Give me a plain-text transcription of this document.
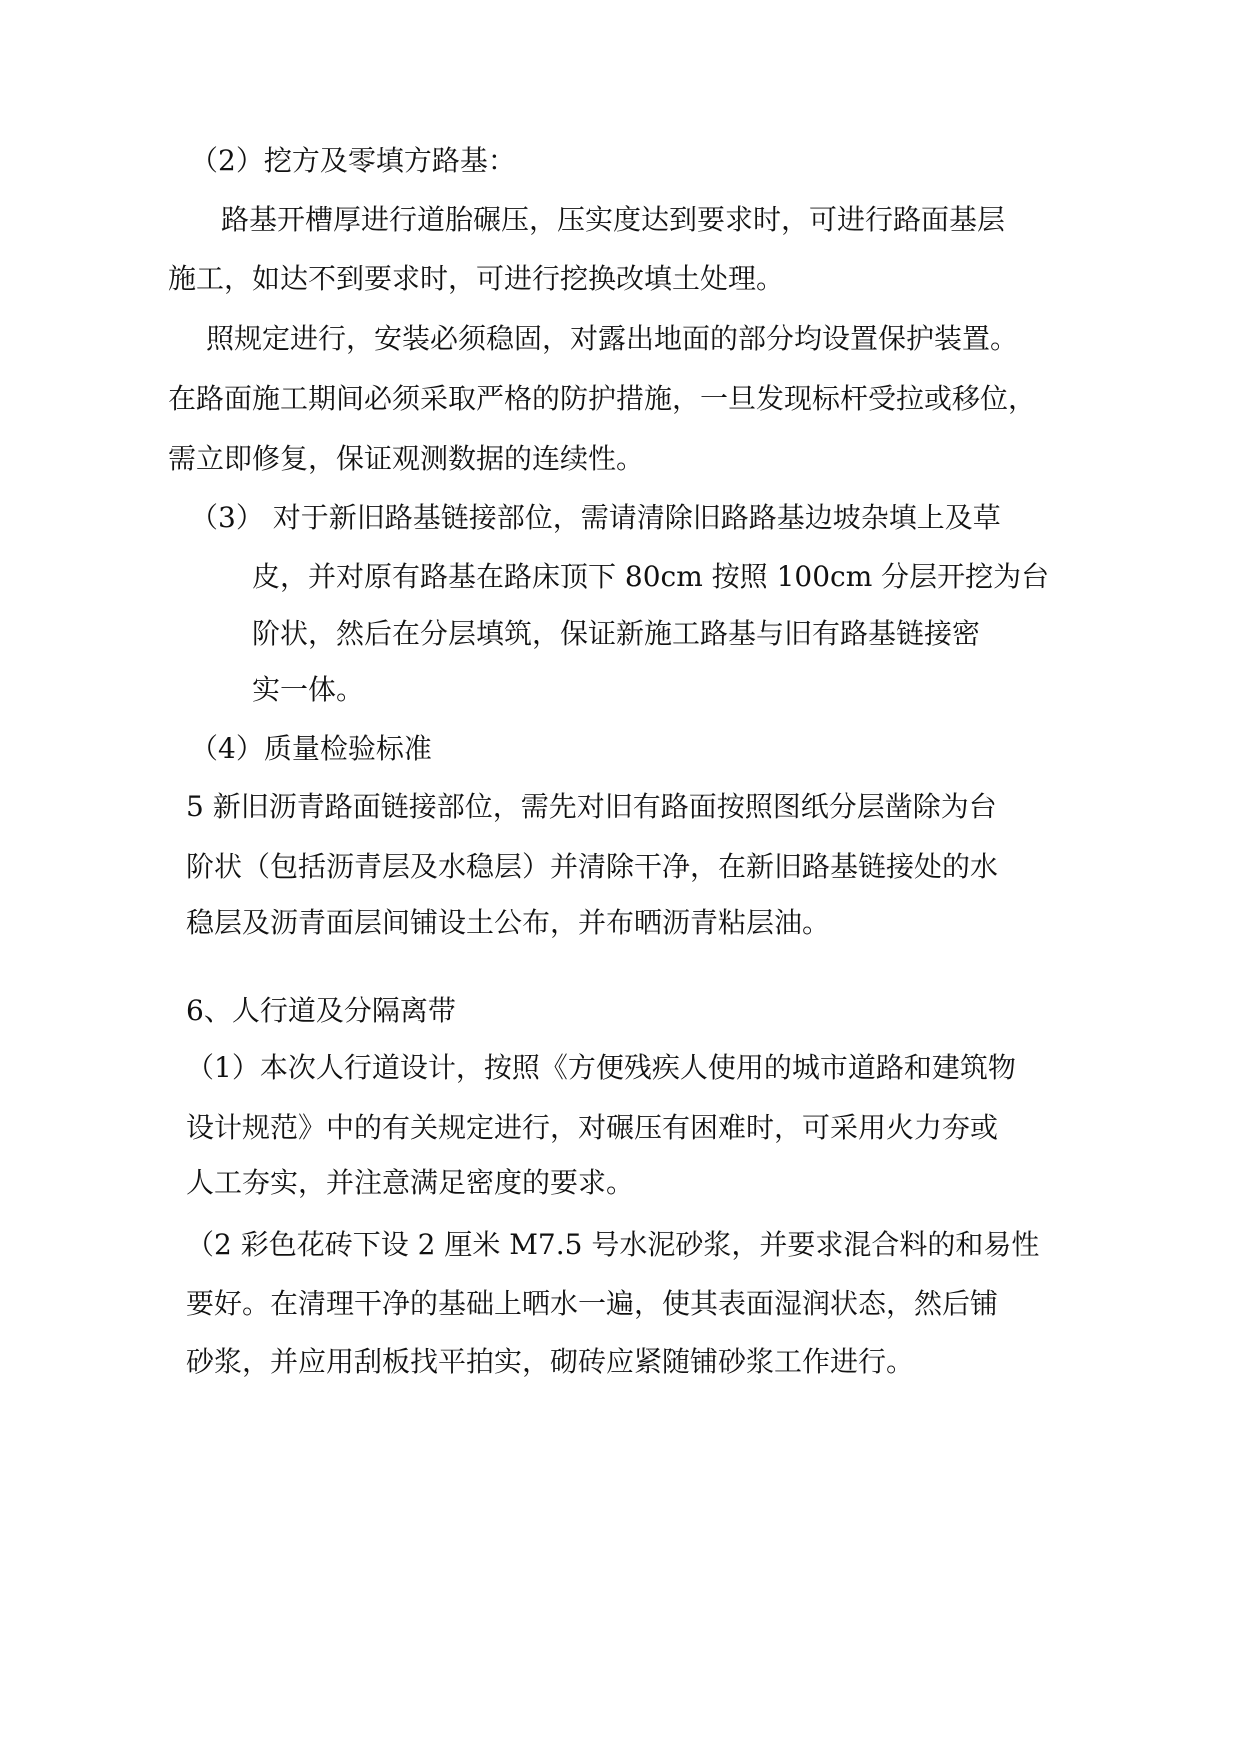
（2）挖方及零填方路基：
路基开槽厚进行道胎碾压，压实度达到要求时，可进行路面基层
施工，如达不到要求时，可进行挖换改填土处理。
照规定进行，安装必须稳固，对露出地面的部分均设置保护装置。
在路面施工期间必须采取严格的防护措施，一旦发现标杆受拉或移位，
需立即修复，保证观测数据的连续性。
（3） 对于新旧路基链接部位，需请清除旧路路基边坡杂填上及草
皮，并对原有路基在路床顶下 80cm 按照 100cm 分层开挖为台
阶状，然后在分层填筑，保证新施工路基与旧有路基链接密
实一体。
（4）质量检验标准
5 新旧沥青路面链接部位，需先对旧有路面按照图纸分层凿除为台
阶状（包括沥青层及水稳层）并清除干净，在新旧路基链接处的水
稳层及沥青面层间铺设土公布，并布晒沥青粘层油。
6、人行道及分隔离带
（1）本次人行道设计，按照《方便残疾人使用的城市道路和建筑物
设计规范》中的有关规定进行，对碾压有困难时，可采用火力夯或
人工夯实，并注意满足密度的要求。
（2 彩色花砖下设 2 厘米 M7.5 号水泥砂浆，并要求混合料的和易性
要好。在清理干净的基础上晒水一遍，使其表面湿润状态，然后铺
砂浆，并应用刮板找平拍实，砌砖应紧随铺砂浆工作进行。
